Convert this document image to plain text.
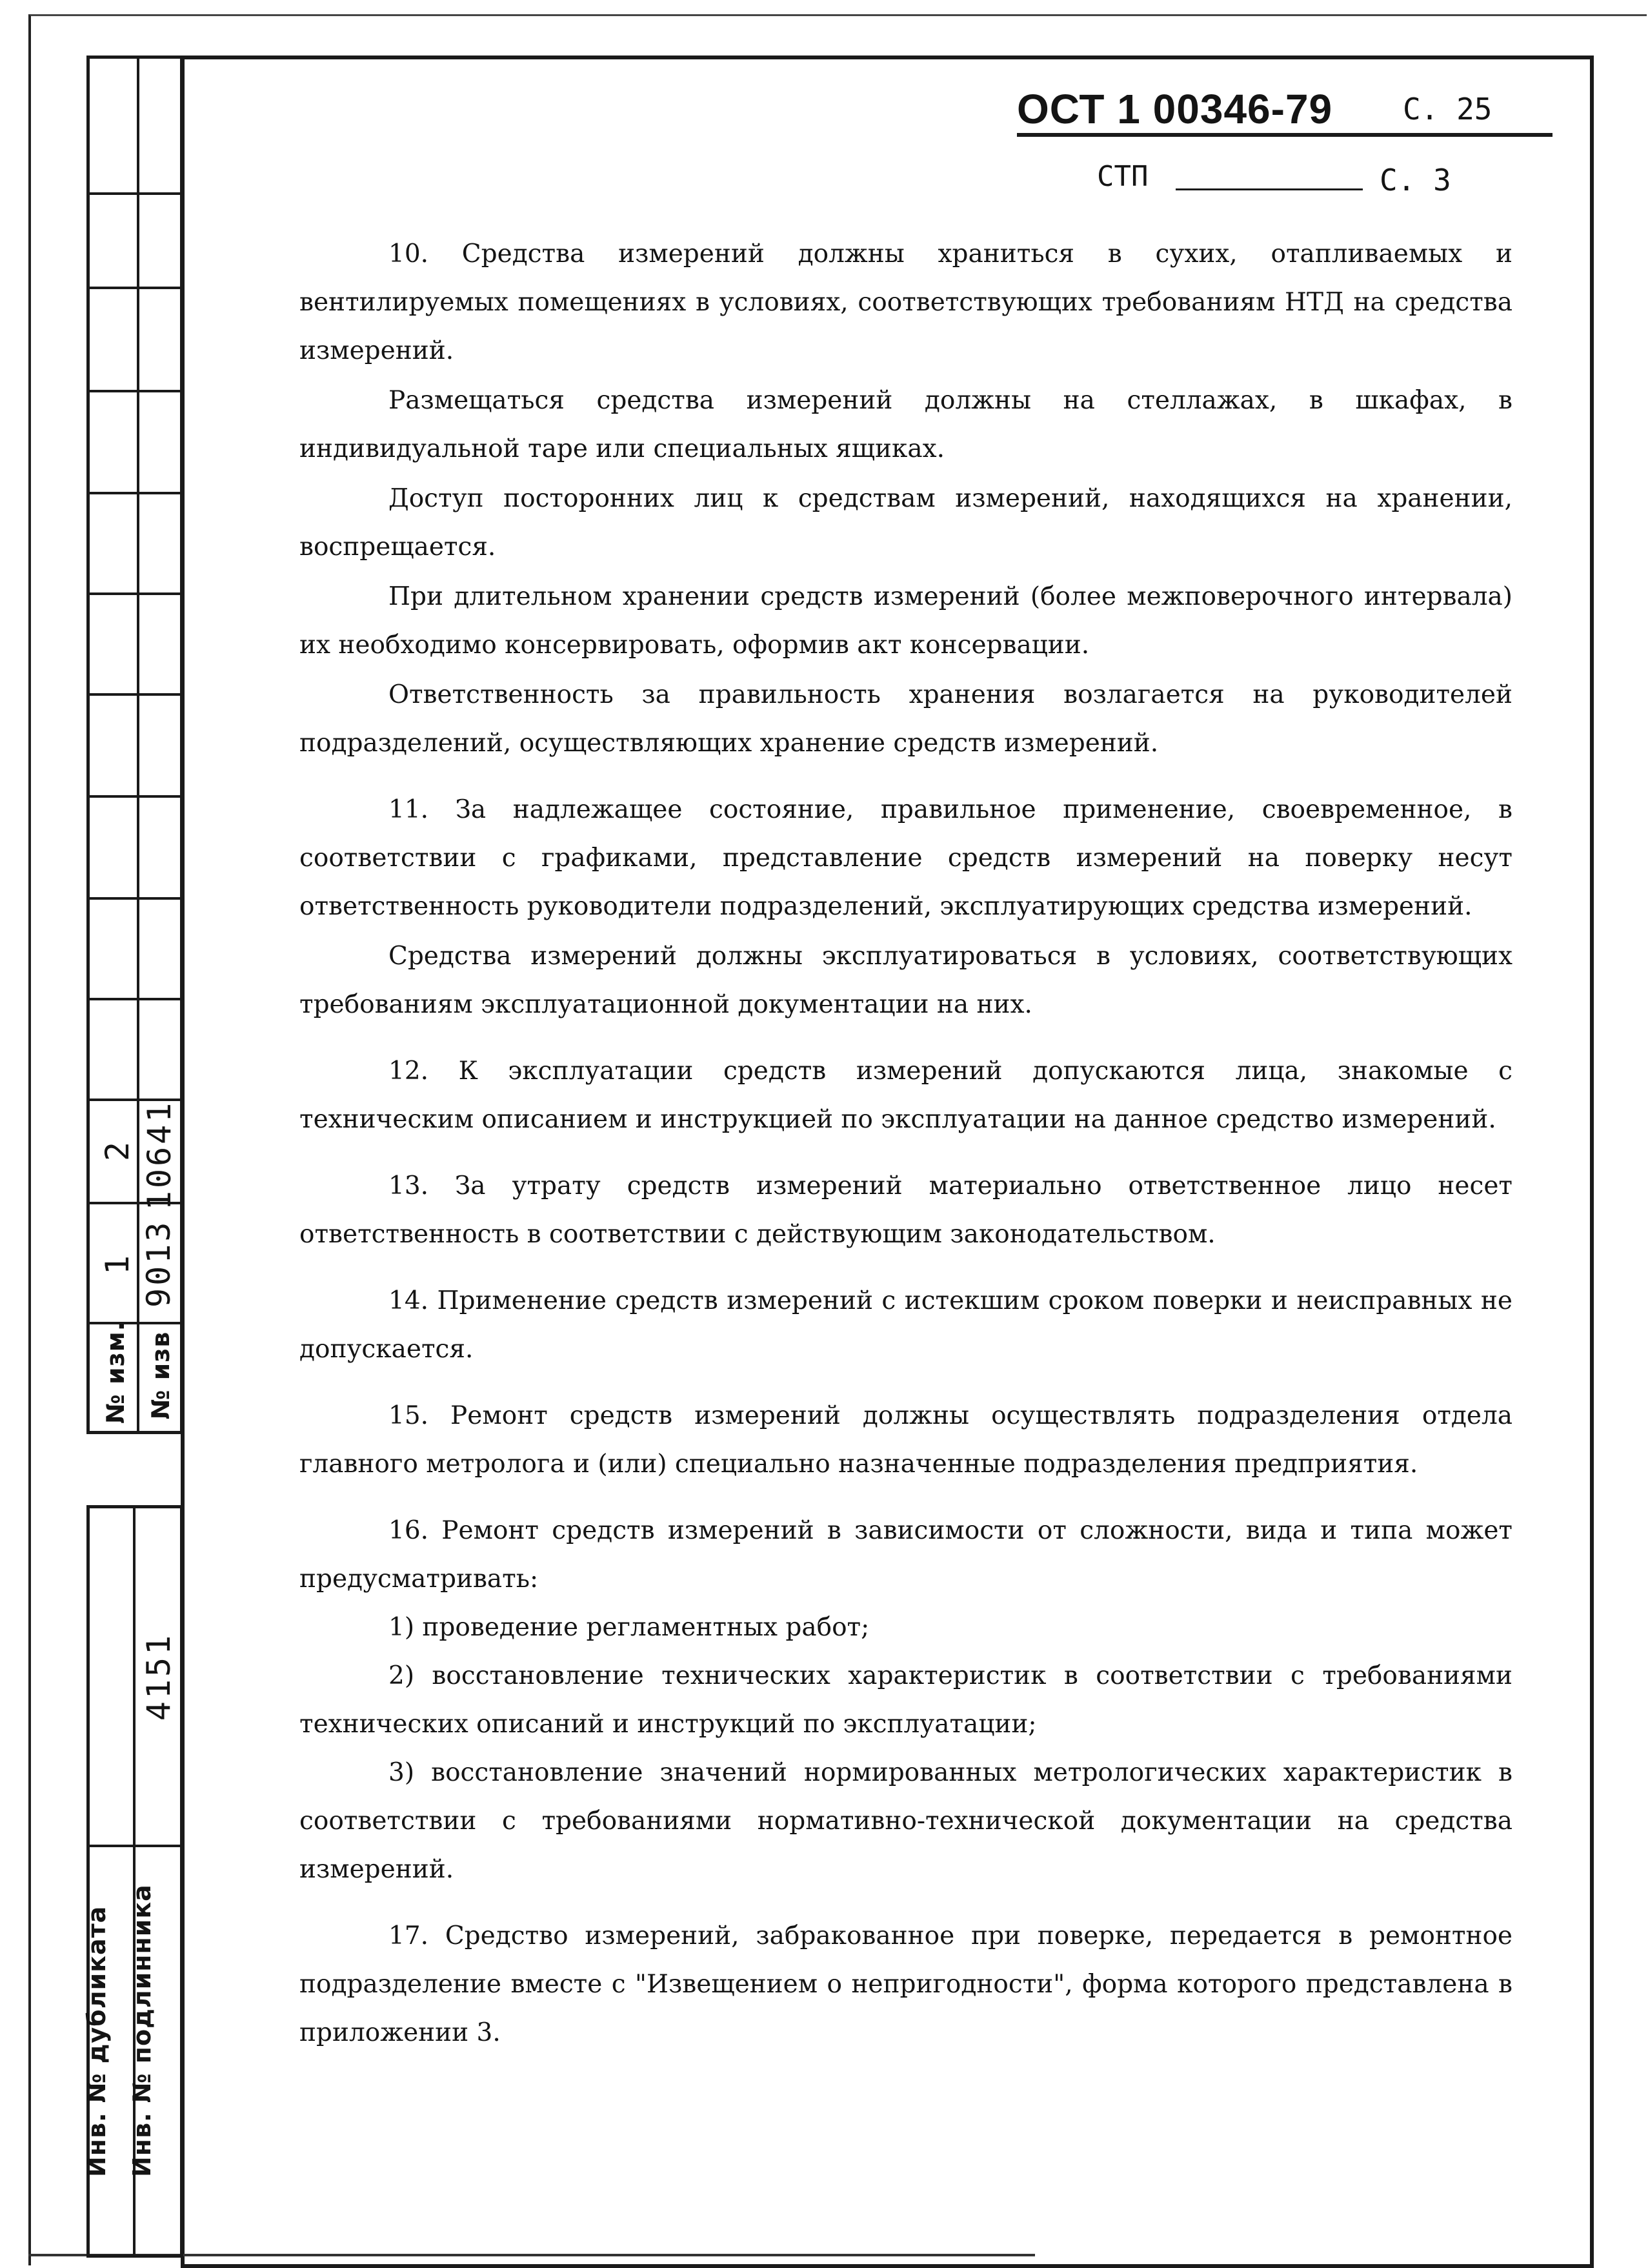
2 10641
1 9013
№ изм. № изв
4151
Инв. № дубликата Инв. № подлинника
ОСТ 1 00346-79 С. 25
СТП	С. 3

10. Средства измерений должны храниться в сухих, отапливаемых и вентилируемых помещениях в условиях, соответствующих требованиям НТД на средства измерений.

Размещаться средства измерений должны на стеллажах, в шкафах, в индивидуальной таре или специальных ящиках.

Доступ посторонних лиц к средствам измерений, находящихся на хранении, воспрещается.

При длительном хранении средств измерений (более межповерочного интервала) их необходимо консервировать, оформив акт консервации.

Ответственность за правильность хранения возлагается на руководителей подразделений, осуществляющих хранение средств измерений.

11. За надлежащее состояние, правильное применение, своевременное, в соответствии с графиками, представление средств измерений на поверку несут ответственность руководители подразделений, эксплуатирующих средства измерений.

Средства измерений должны эксплуатироваться в условиях, соответствующих требованиям эксплуатационной документации на них.

12. К эксплуатации средств измерений допускаются лица, знакомые с техническим описанием и инструкцией по эксплуатации на данное средство измерений.

13. За утрату средств измерений материально ответственное лицо несет ответственность в соответствии с действующим законодательством.

14. Применение средств измерений с истекшим сроком поверки и неисправных не допускается.

15. Ремонт средств измерений должны осуществлять подразделения отдела главного метролога и (или) специально назначенные подразделения предприятия.

16. Ремонт средств измерений в зависимости от сложности, вида и типа может предусматривать:

1) проведение регламентных работ;

2) восстановление технических характеристик в соответствии с требованиями технических описаний и инструкций по эксплуатации;

3) восстановление значений нормированных метрологических характеристик в соответствии с требованиями нормативно-технической документации на средства измерений.

17. Средство измерений, забракованное при поверке, передается в ремонтное подразделение вместе с "Извещением о непригодности", форма которого представлена в приложении 3.
